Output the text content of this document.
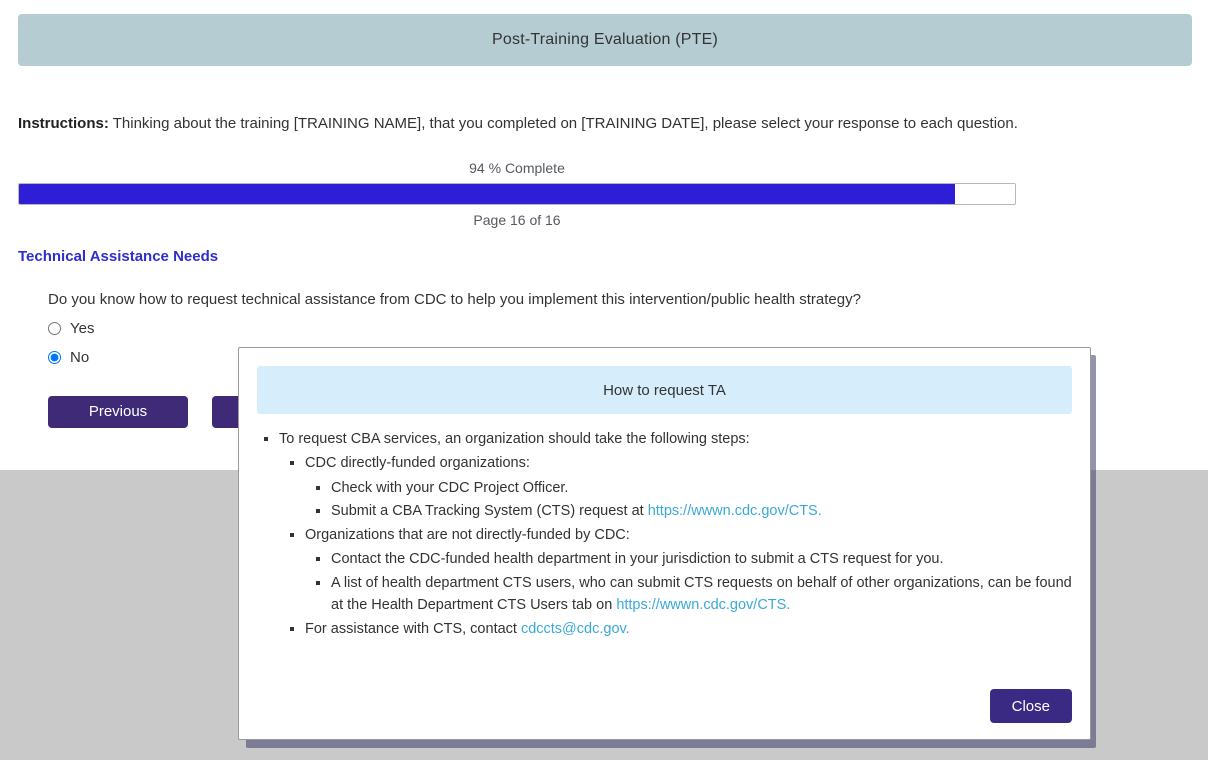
Post-Training Evaluation (PTE)
Instructions: Thinking about the training [TRAINING NAME], that you completed on [TRAINING DATE], please select your response to each question.
94 % Complete
Page 16 of 16
Technical Assistance Needs
Do you know how to request technical assistance from CDC to help you implement this intervention/public health strategy?
Yes
No
Previous
How to request TA
▪ To request CBA services, an organization should take the following steps:
▪ CDC directly-funded organizations:
▪ Check with your CDC Project Officer.
▪ Submit a CBA Tracking System (CTS) request at https://wwwn.cdc.gov/CTS.
▪ Organizations that are not directly-funded by CDC:
▪ Contact the CDC-funded health department in your jurisdiction to submit a CTS request for you.
▪ A list of health department CTS users, who can submit CTS requests on behalf of other organizations, can be found at the Health Department CTS Users tab on https://wwwn.cdc.gov/CTS.
▪ For assistance with CTS, contact cdccts@cdc.gov.
Close
